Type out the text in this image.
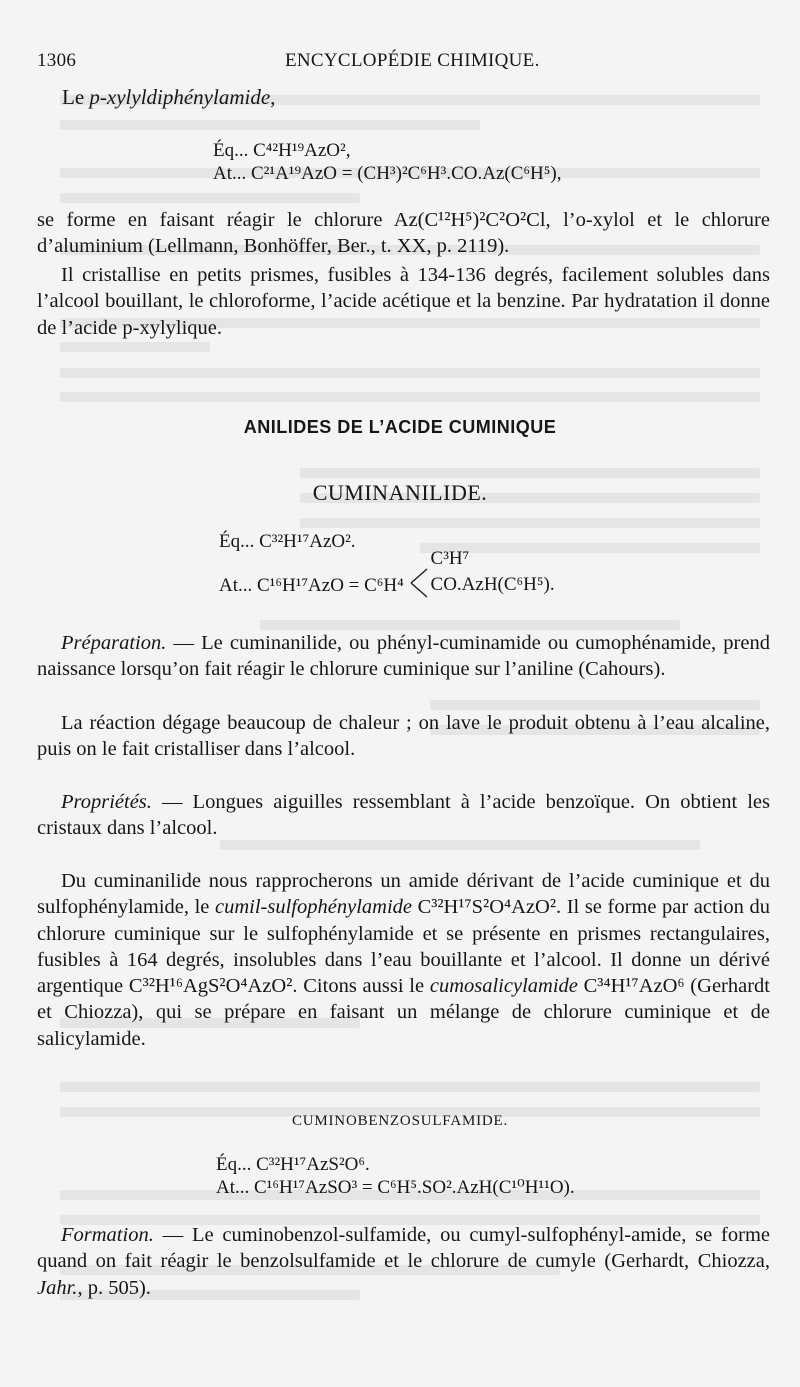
1306	ENCYCLOPÉDIE CHIMIQUE.
Le p-xylyldiphénylamide,
Éq... C⁴²H¹⁹AzO²,
At... C²¹A¹⁹AzO = (CH³)²C⁶H³.CO.Az(C⁶H⁵),

se forme en faisant réagir le chlorure Az(C¹²H⁵)²C²O²Cl, l’o-xylol et le chlorure d’aluminium (Lellmann, Bonhöffer, Ber., t. XX, p. 2119).

Il cristallise en petits prismes, fusibles à 134-136 degrés, facilement solubles dans l’alcool bouillant, le chloroforme, l’acide acétique et la benzine. Par hydratation il donne de l’acide p-xylylique.

ANILIDES DE L’ACIDE CUMINIQUE
CUMINANILIDE.
Éq... C³²H¹⁷AzO².
At... C¹⁶H¹⁷AzO = C⁶H⁴
C³H⁷
CO.AzH(C⁶H⁵).

Préparation. — Le cuminanilide, ou phényl-cuminamide ou cumophénamide, prend naissance lorsqu’on fait réagir le chlorure cuminique sur l’aniline (Cahours).

La réaction dégage beaucoup de chaleur ; on lave le produit obtenu à l’eau alcaline, puis on le fait cristalliser dans l’alcool.

Propriétés. — Longues aiguilles ressemblant à l’acide benzoïque. On obtient les cristaux dans l’alcool.

Du cuminanilide nous rapprocherons un amide dérivant de l’acide cuminique et du sulfophénylamide, le cumil-sulfophénylamide C³²H¹⁷S²O⁴AzO². Il se forme par action du chlorure cuminique sur le sulfophénylamide et se présente en prismes rectangulaires, fusibles à 164 degrés, insolubles dans l’eau bouillante et l’alcool. Il donne un dérivé argentique C³²H¹⁶AgS²O⁴AzO². Citons aussi le cumosalicylamide C³⁴H¹⁷AzO⁶ (Gerhardt et Chiozza), qui se prépare en faisant un mélange de chlorure cuminique et de salicylamide.

CUMINOBENZOSULFAMIDE.
Éq... C³²H¹⁷AzS²O⁶.
At... C¹⁶H¹⁷AzSO³ = C⁶H⁵.SO².AzH(C¹⁰H¹¹O).

Formation. — Le cuminobenzol-sulfamide, ou cumyl-sulfophényl-amide, se forme quand on fait réagir le benzolsulfamide et le chlorure de cumyle (Gerhardt, Chiozza, Jahr., p. 505).
